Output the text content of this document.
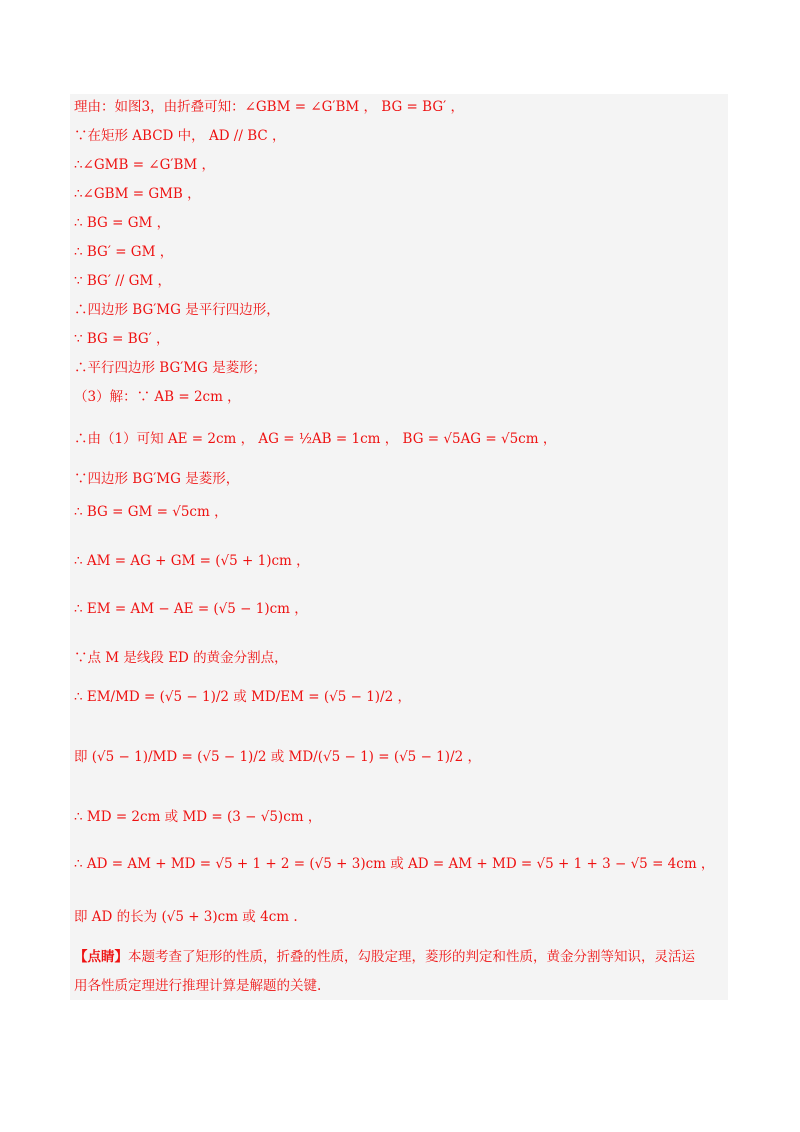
理由：如图3，由折叠可知：∠GBM = ∠G′BM ， BG = BG′ ，
∵在矩形 ABCD 中， AD // BC ，
∴∠GMB = ∠G′BM ，
∴∠GBM = GMB ，
∴ BG = GM ，
∴ BG′ = GM ，
∵ BG′ // GM ，
∴四边形 BG′MG 是平行四边形，
∵ BG = BG′ ，
∴平行四边形 BG′MG 是菱形；
（3）解：∵ AB = 2cm ，
∴由（1）可知 AE = 2cm ， AG = ½AB = 1cm ， BG = √5AG = √5cm ，
∵四边形 BG′MG 是菱形，
∴ BG = GM = √5cm ，
∴ AM = AG + GM = (√5 + 1)cm ，
∴ EM = AM − AE = (√5 − 1)cm ，
∵点 M 是线段 ED 的黄金分割点，
∴ EM/MD = (√5 − 1)/2 或 MD/EM = (√5 − 1)/2 ，
即 (√5 − 1)/MD = (√5 − 1)/2 或 MD/(√5 − 1) = (√5 − 1)/2 ，
∴ MD = 2cm 或 MD = (3 − √5)cm ，
∴ AD = AM + MD = √5 + 1 + 2 = (√5 + 3)cm 或 AD = AM + MD = √5 + 1 + 3 − √5 = 4cm ，
即 AD 的长为 (√5 + 3)cm 或 4cm .
【点睛】本题考查了矩形的性质，折叠的性质，勾股定理，菱形的判定和性质，黄金分割等知识，灵活运
用各性质定理进行推理计算是解题的关键.
